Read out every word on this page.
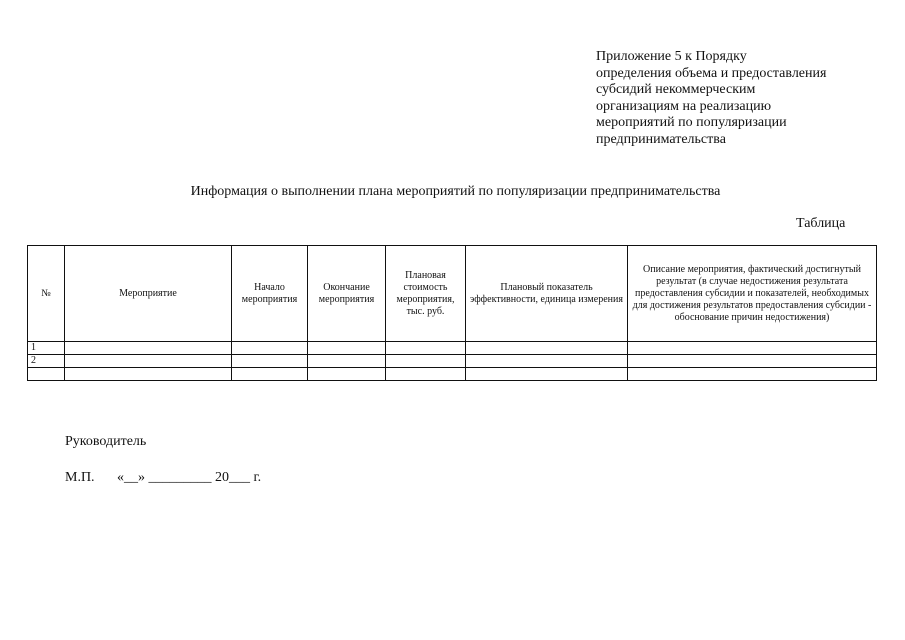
Приложение 5 к Порядку
определения объема и предоставления
субсидий некоммерческим
организациям на реализацию
мероприятий по популяризации
предпринимательства
Информация о выполнении плана мероприятий по популяризации предпринимательства
Таблица
№	Мероприятие	Начало мероприятия	Окончание мероприятия	Плановая стоимость мероприятия, тыс. руб.	Плановый показатель эффективности, единица измерения	Описание мероприятия, фактический достигнутый результат (в случае недостижения результата предоставления субсидии и показателей, необходимых для достижения результатов предоставления субсидии - обоснование причин недостижения)
1						
2						

Руководитель
М.П. «__» _________ 20___ г.
